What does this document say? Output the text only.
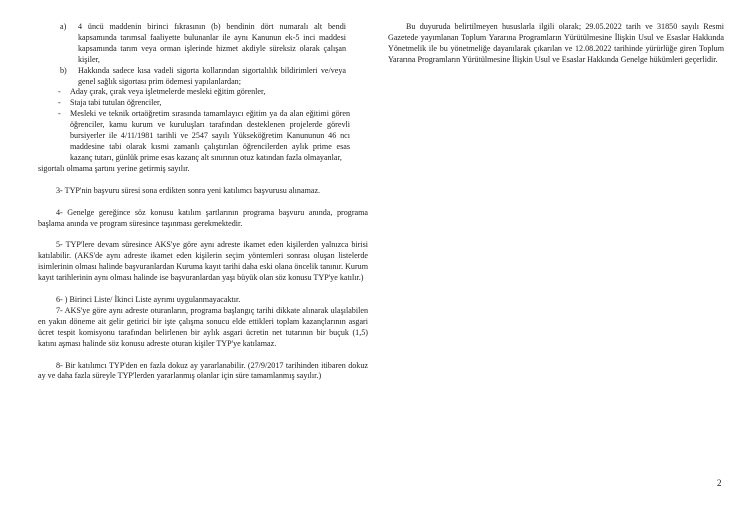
a)	4 üncü maddenin birinci fıkrasının (b) bendinin dört numaralı alt bendi kapsamında tarımsal faaliyette bulunanlar ile aynı Kanunun ek-5 inci maddesi kapsamında tarım veya orman işlerinde hizmet akdiyle süreksiz olarak çalışan kişiler,
b)	Hakkında sadece kısa vadeli sigorta kollarından sigortalılık bildirimleri ve/veya genel sağlık sigortası prim ödemesi yapılanlardan;
-	Aday çırak, çırak veya işletmelerde mesleki eğitim görenler,
-	Staja tabi tutulan öğrenciler,
-	Mesleki ve teknik ortaöğretim sırasında tamamlayıcı eğitim ya da alan eğitimi gören öğrenciler, kamu kurum ve kuruluşları tarafından desteklenen projelerde görevli bursiyerler ile 4/11/1981 tarihli ve 2547 sayılı Yükseköğretim Kanununun 46 ncı maddesine tabi olarak kısmi zamanlı çalıştırılan öğrencilerden aylık prime esas kazanç tutarı, günlük prime esas kazanç alt sınırının otuz katından fazla olmayanlar,

sigortalı olmama şartını yerine getirmiş sayılır.

3- TYP'nin başvuru süresi sona erdikten sonra yeni katılımcı başvurusu alınamaz.

4- Genelge gereğince söz konusu katılım şartlarının programa başvuru anında, programa başlama anında ve program süresince taşınması gerekmektedir.

5- TYP'lere devam süresince AKS'ye göre aynı adreste ikamet eden kişilerden yalnızca birisi katılabilir. (AKS'de aynı adreste ikamet eden kişilerin seçim yöntemleri sonrası oluşan listelerde isimlerinin olması halinde başvuranlardan Kuruma kayıt tarihi daha eski olana öncelik tanınır. Kurum kayıt tarihlerinin aynı olması halinde ise başvuranlardan yaşı büyük olan söz konusu TYP'ye katılır.)

6- ) Birinci Liste/ İkinci Liste ayrımı uygulanmayacaktır.

7- AKS'ye göre aynı adreste oturanların, programa başlangıç tarihi dikkate alınarak ulaşılabilen en yakın döneme ait gelir getirici bir işte çalışma sonucu elde ettikleri toplam kazançlarının asgari ücret tespit komisyonu tarafından belirlenen bir aylık asgari ücretin net tutarının bir buçuk (1,5) katını aşması halinde söz konusu adreste oturan kişiler TYP'ye katılamaz.

8- Bir katılımcı TYP'den en fazla dokuz ay yararlanabilir. (27/9/2017 tarihinden itibaren dokuz ay ve daha fazla süreyle TYP'lerden yararlanmış olanlar için süre tamamlanmış sayılır.)

Bu duyuruda belirtilmeyen hususlarla ilgili olarak; 29.05.2022 tarih ve 31850 sayılı Resmi Gazetede yayımlanan Toplum Yararına Programların Yürütülmesine İlişkin Usul ve Esaslar Hakkında Yönetmelik ile bu yönetmeliğe dayanılarak çıkarılan ve 12.08.2022 tarihinde yürürlüğe giren Toplum Yararına Programların Yürütülmesine İlişkin Usul ve Esaslar Hakkında Genelge hükümleri geçerlidir.

2
